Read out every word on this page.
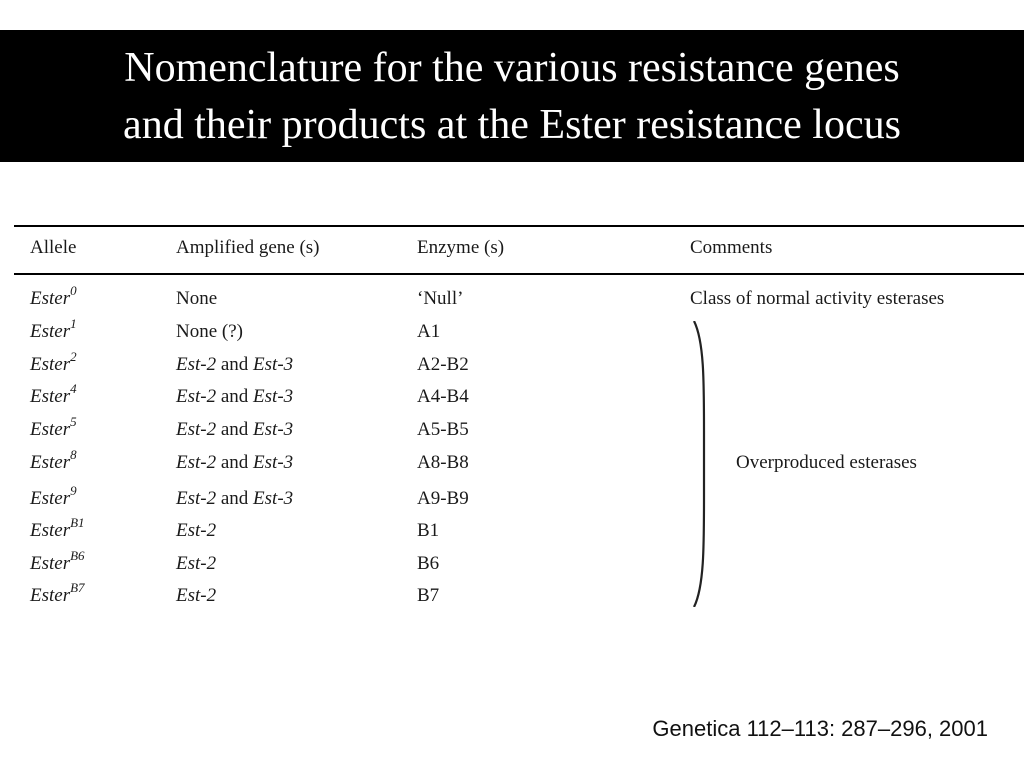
Nomenclature for the various resistance genes
and their products at the Ester resistance locus
Allele	Amplified gene (s)	Enzyme (s)	Comments
Ester$^0$	None	‘Null’	Class of normal activity esterases
Ester$^1$	None (?)	A1
Ester$^2$	Est-2 and Est-3	A2-B2
Ester$^4$	Est-2 and Est-3	A4-B4
Ester$^5$	Est-2 and Est-3	A5-B5
Ester$^8$	Est-2 and Est-3	A8-B8
Ester$^9$	Est-2 and Est-3	A9-B9
Ester$^{B1}$	Est-2	B1
Ester$^{B6}$	Est-2	B6
Ester$^{B7}$	Est-2	B7
Overproduced esterases
Genetica 112–113: 287–296, 2001
